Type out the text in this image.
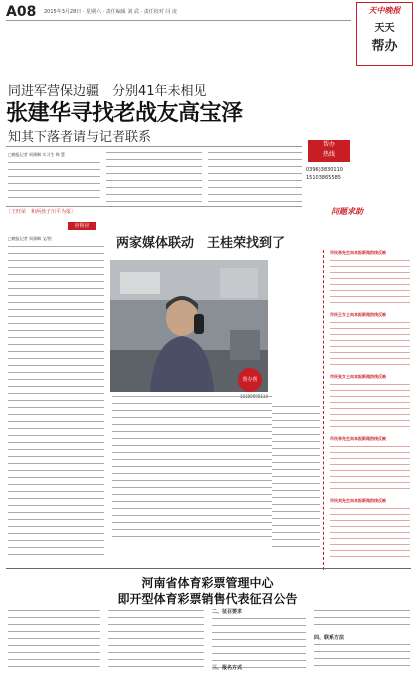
A08 2015年3月28日 · 星期六 · 责任编辑 刘 武 · 责任校对 闫 凌	天中晚报
天天
帮办
同进军营保边疆　分别41年未相见
张建华寻找老战友高宝泽
知其下落者请与记者联系
□晚报记者 周满琳 实习生 韩 慧
帮办
热线
0396)3830110
15103865585
问题求助
市民李先生向本报新闻热线反映
市民王女士向本报新闻热线反映
市民张女士向本报新闻热线反映
市民李先生向本报新闻热线反映
市民刘先生向本报新闻热线反映
〔王旺荣　和两孩子川平为报〕
应相应
□晚报记者 周满琳 文/图	两家媒体联动　王桂荣找到了
帮办帮
河南省体育彩票管理中心
即开型体育彩票销售代表征召公告
二、征召要求
三、报名方式
四、联系方法
